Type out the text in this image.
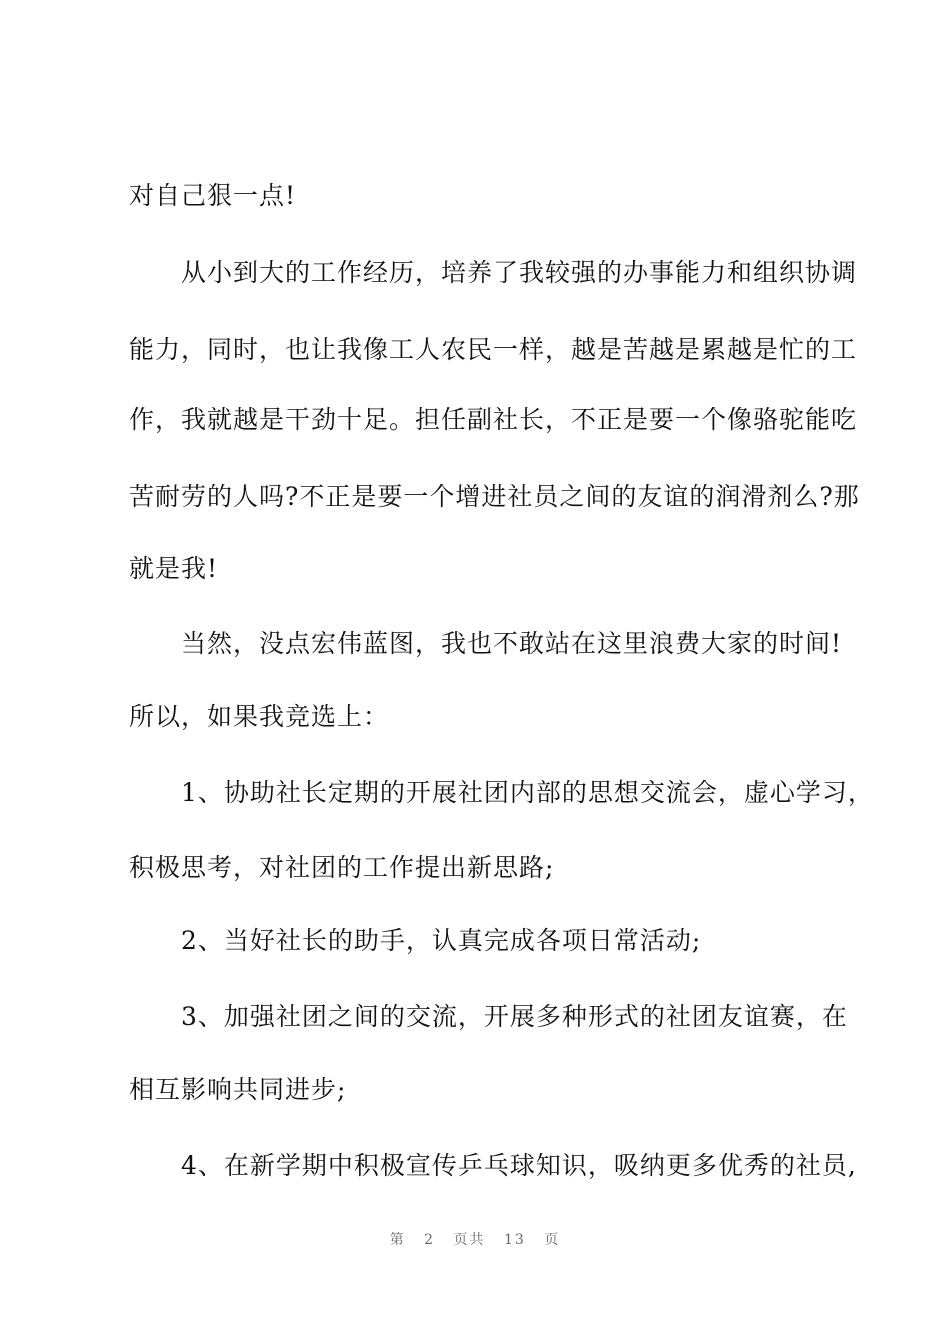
对自己狠一点!
　　从小到大的工作经历，培养了我较强的办事能力和组织协调
能力，同时，也让我像工人农民一样，越是苦越是累越是忙的工
作，我就越是干劲十足。担任副社长，不正是要一个像骆驼能吃
苦耐劳的人吗?不正是要一个增进社员之间的友谊的润滑剂么?那
就是我!
　　当然，没点宏伟蓝图，我也不敢站在这里浪费大家的时间!
所以，如果我竞选上：
　　1、协助社长定期的开展社团内部的思想交流会，虚心学习，
积极思考，对社团的工作提出新思路;
　　2、当好社长的助手，认真完成各项日常活动;
　　3、加强社团之间的交流，开展多种形式的社团友谊赛，在
相互影响共同进步;
　　4、在新学期中积极宣传乒乓球知识，吸纳更多优秀的社员,
第 2 页共 13 页
